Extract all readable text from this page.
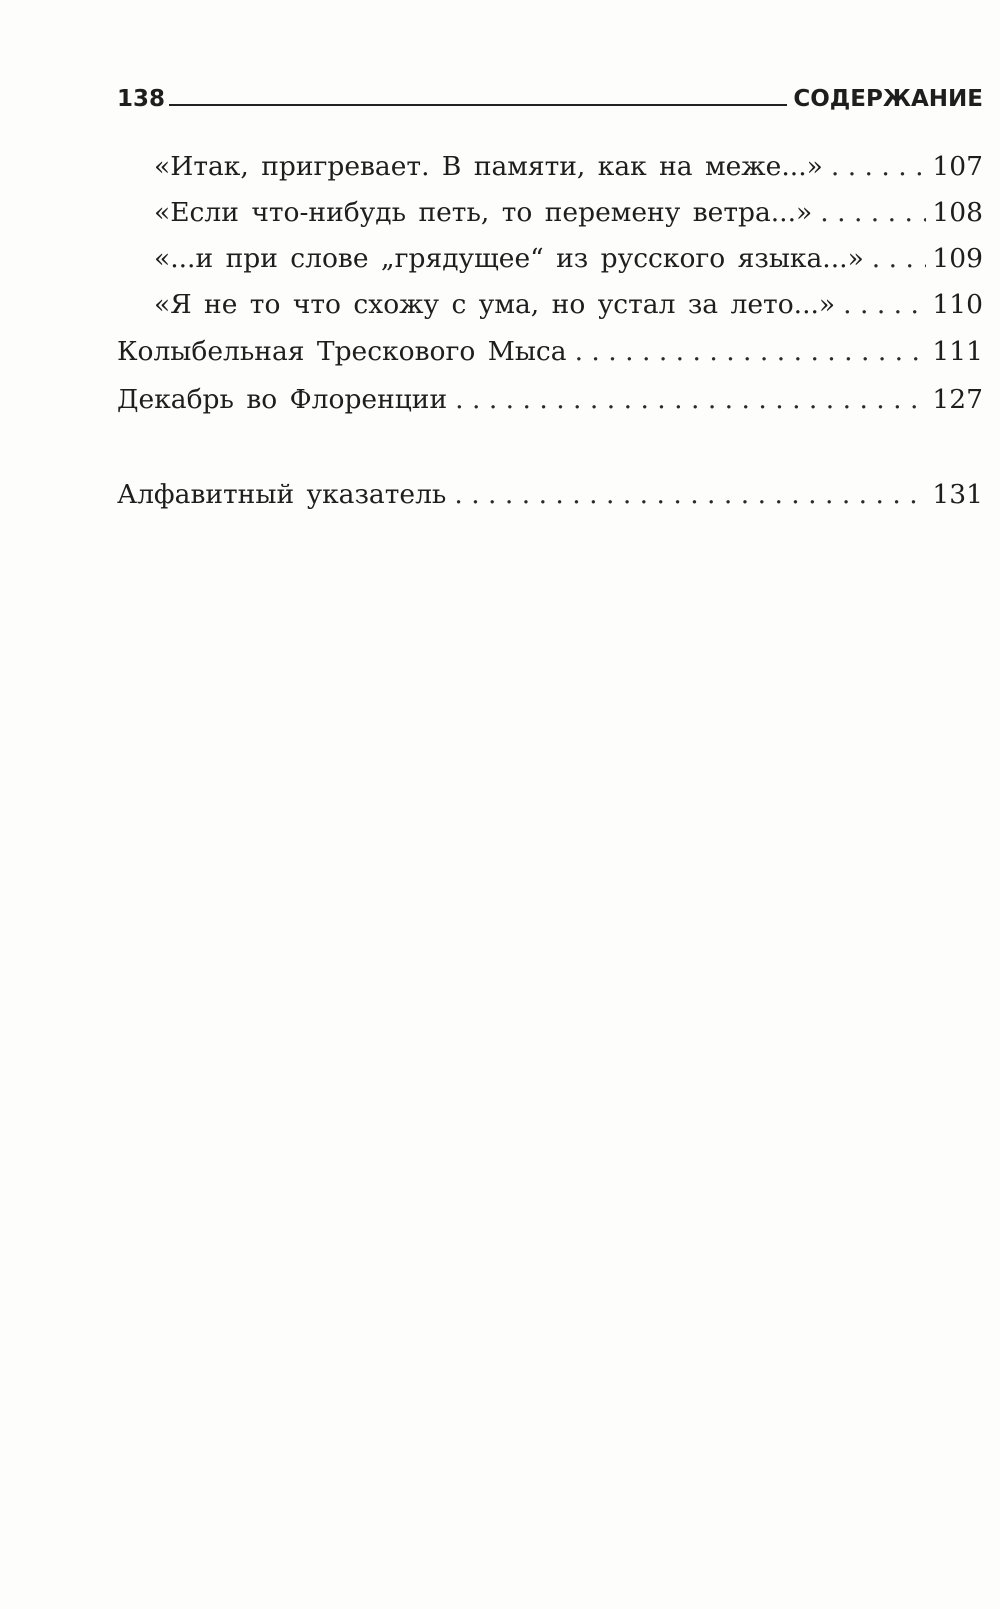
138	СОДЕРЖАНИЕ
«Итак, пригревает. В памяти, как на меже...» . . .	107
«Если что-нибудь петь, то перемену ветра...» . . .	108
«...и при слове „грядущее“ из русского языка...» . . .	109
«Я не то что схожу с ума, но устал за лето...» . . .	110
Колыбельная Трескового Мыса . . .	111
Декабрь во Флоренции . . .	127
Алфавитный указатель . . .	131
